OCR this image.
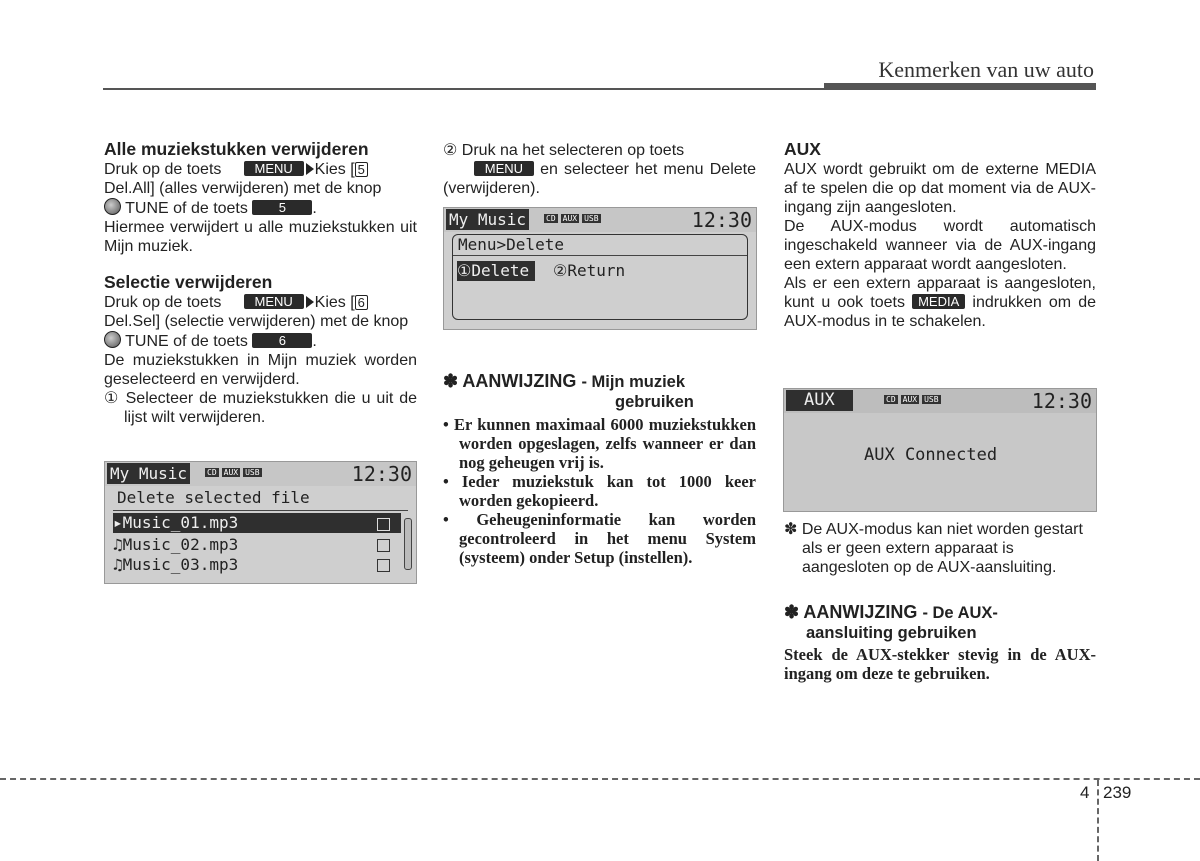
Kenmerken van uw auto

Alle muziekstukken verwijderen

Druk op de toets	MENU Kies [ 5
Del.All] (alles verwijderen) met de knop
TUNE of de toets 5 .

Hiermee verwijdert u alle muziekstukken uit Mijn muziek.

Selectie verwijderen

Druk op de toets	MENU Kies [ 6
Del.Sel] (selectie verwijderen) met de knop
TUNE of de toets 6 .

De muziekstukken in Mijn muziek worden geselecteerd en verwijderd.

① Selecteer de muziekstukken die u uit de lijst wilt verwijderen.

My Music	CD AUX USB	12:30
Delete selected file
▸Music_01.mp3
♫Music_02.mp3
♫Music_03.mp3

② Druk na het selecteren op toets
MENU en selecteer het menu Delete (verwijderen).

My Music	CD AUX USB	12:30
Menu>Delete
①Delete	②Return

✽ AANWIJZING - Mijn muziek

gebruiken

• Er kunnen maximaal 6000 muziekstukken worden opgeslagen, zelfs wanneer er dan nog geheugen vrij is.

• Ieder muziekstuk kan tot 1000 keer worden gekopieerd.

• Geheugeninformatie kan worden gecontroleerd in het menu System (systeem) onder Setup (instellen).

AUX

AUX wordt gebruikt om de externe MEDIA af te spelen die op dat moment via de AUX-ingang zijn aangesloten.

De AUX-modus wordt automatisch ingeschakeld wanneer via de AUX-ingang een extern apparaat wordt aangesloten.

Als er een extern apparaat is aangesloten, kunt u ook toets MEDIA indrukken om de AUX-modus in te schakelen.

AUX	CD AUX USB	12:30
AUX Connected

✽ De AUX-modus kan niet worden gestart als er geen extern apparaat is aangesloten op de AUX-aansluiting.

✽ AANWIJZING - De AUX-

aansluiting gebruiken

Steek de AUX-stekker stevig in de AUX-ingang om deze te gebruiken.

4 239
